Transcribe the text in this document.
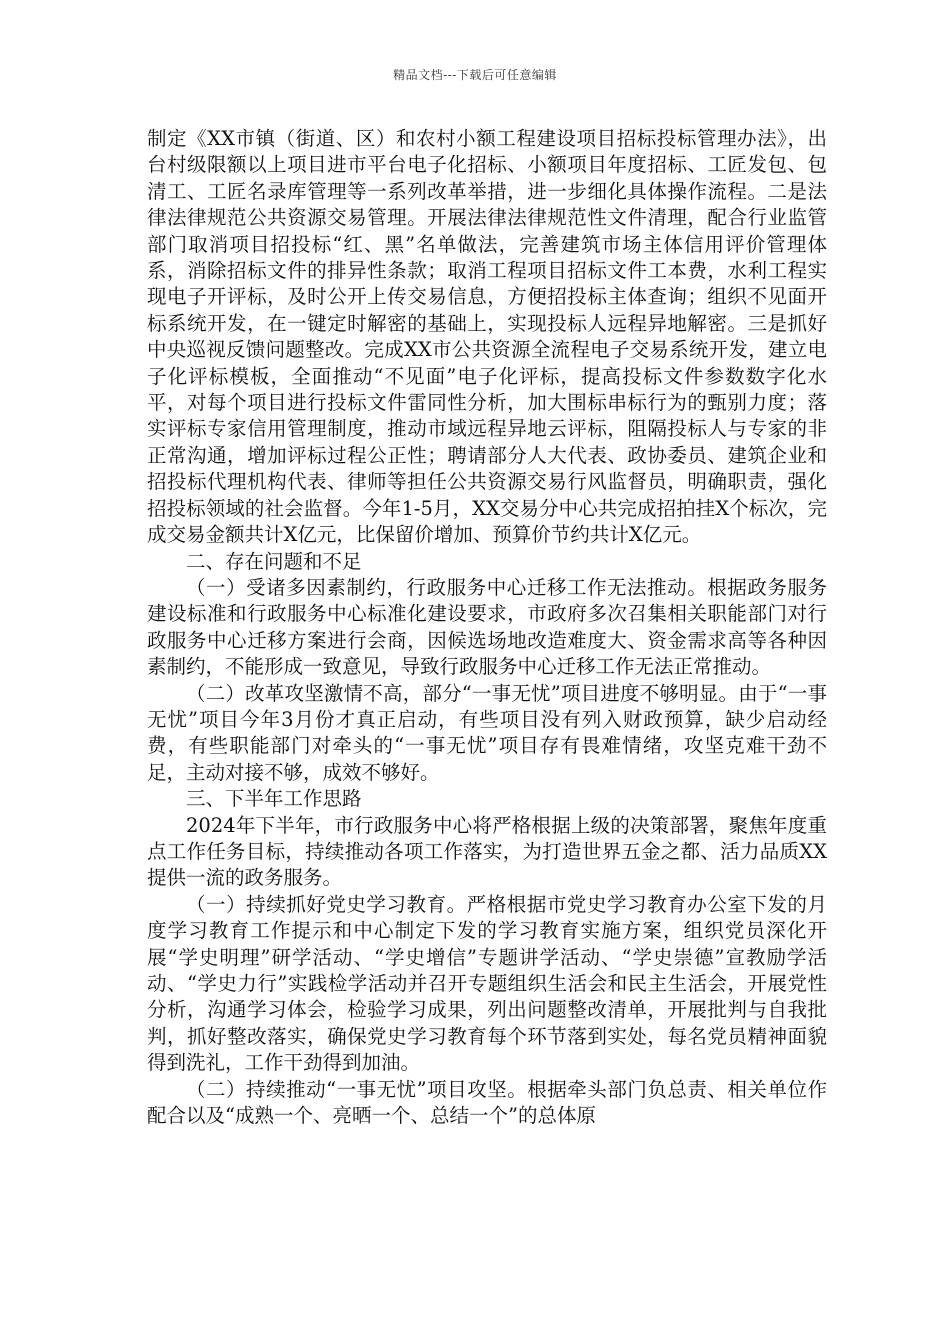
精品文档---下载后可任意编辑

制定《XX市镇（街道、区）和农村小额工程建设项目招标投标管理办法》，出台村级限额以上项目进市平台电子化招标、小额项目年度招标、工匠发包、包清工、工匠名录库管理等一系列改革举措，进一步细化具体操作流程。二是法律法律规范公共资源交易管理。开展法律法律规范性文件清理，配合行业监管部门取消项目招投标“红、黑”名单做法，完善建筑市场主体信用评价管理体系，消除招标文件的排异性条款；取消工程项目招标文件工本费，水利工程实现电子开评标，及时公开上传交易信息，方便招投标主体查询；组织不见面开标系统开发，在一键定时解密的基础上，实现投标人远程异地解密。三是抓好中央巡视反馈问题整改。完成XX市公共资源全流程电子交易系统开发，建立电子化评标模板，全面推动“不见面”电子化评标，提高投标文件参数数字化水平，对每个项目进行投标文件雷同性分析，加大围标串标行为的甄别力度；落实评标专家信用管理制度，推动市域远程异地云评标，阻隔投标人与专家的非正常沟通，增加评标过程公正性；聘请部分人大代表、政协委员、建筑企业和招投标代理机构代表、律师等担任公共资源交易行风监督员，明确职责，强化招投标领域的社会监督。今年1-5月，XX交易分中心共完成招拍挂X个标次，完成交易金额共计X亿元，比保留价增加、预算价节约共计X亿元。

二、存在问题和不足

（一）受诸多因素制约，行政服务中心迁移工作无法推动。根据政务服务建设标准和行政服务中心标准化建设要求，市政府多次召集相关职能部门对行政服务中心迁移方案进行会商，因候选场地改造难度大、资金需求高等各种因素制约，不能形成一致意见，导致行政服务中心迁移工作无法正常推动。

（二）改革攻坚激情不高，部分“一事无忧”项目进度不够明显。由于“一事无忧”项目今年3月份才真正启动，有些项目没有列入财政预算，缺少启动经费，有些职能部门对牵头的“一事无忧”项目存有畏难情绪，攻坚克难干劲不足，主动对接不够，成效不够好。

三、下半年工作思路

2024年下半年，市行政服务中心将严格根据上级的决策部署，聚焦年度重点工作任务目标，持续推动各项工作落实，为打造世界五金之都、活力品质XX提供一流的政务服务。

（一）持续抓好党史学习教育。严格根据市党史学习教育办公室下发的月度学习教育工作提示和中心制定下发的学习教育实施方案，组织党员深化开展“学史明理”研学活动、“学史增信”专题讲学活动、“学史崇德”宣教励学活动、“学史力行”实践检学活动并召开专题组织生活会和民主生活会，开展党性分析，沟通学习体会，检验学习成果，列出问题整改清单，开展批判与自我批判，抓好整改落实，确保党史学习教育每个环节落到实处，每名党员精神面貌得到洗礼，工作干劲得到加油。

（二）持续推动“一事无忧”项目攻坚。根据牵头部门负总责、相关单位作配合以及“成熟一个、亮晒一个、总结一个”的总体原
